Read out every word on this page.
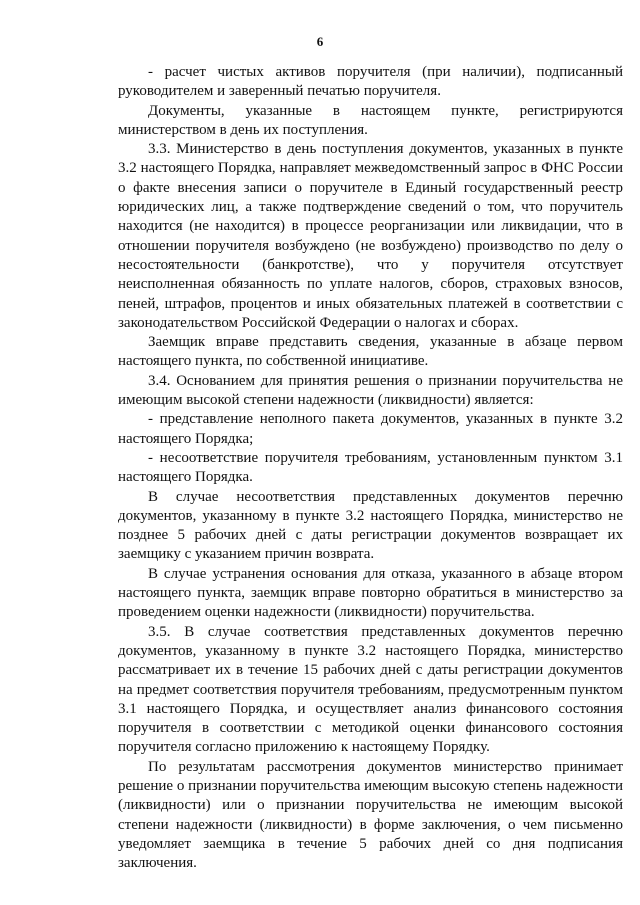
6

- расчет чистых активов поручителя (при наличии), подписанный руководителем и заверенный печатью поручителя.

Документы, указанные в настоящем пункте, регистрируются министерством в день их поступления.

3.3. Министерство в день поступления документов, указанных в пункте 3.2 настоящего Порядка, направляет межведомственный запрос в ФНС России о факте внесения записи о поручителе в Единый государственный реестр юридических лиц, а также подтверждение сведений о том, что поручитель находится (не находится) в процессе реорганизации или ликвидации, что в отношении поручителя возбуждено (не возбуждено) производство по делу о несостоятельности (банкротстве), что у поручителя отсутствует неисполненная обязанность по уплате налогов, сборов, страховых взносов, пеней, штрафов, процентов и иных обязательных платежей в соответствии с законодательством Российской Федерации о налогах и сборах.

Заемщик вправе представить сведения, указанные в абзаце первом настоящего пункта, по собственной инициативе.

3.4. Основанием для принятия решения о признании поручительства не имеющим высокой степени надежности (ликвидности) является:

- представление неполного пакета документов, указанных в пункте 3.2 настоящего Порядка;

- несоответствие поручителя требованиям, установленным пунктом 3.1 настоящего Порядка.

В случае несоответствия представленных документов перечню документов, указанному в пункте 3.2 настоящего Порядка, министерство не позднее 5 рабочих дней с даты регистрации документов возвращает их заемщику с указанием причин возврата.

В случае устранения основания для отказа, указанного в абзаце втором настоящего пункта, заемщик вправе повторно обратиться в министерство за проведением оценки надежности (ликвидности) поручительства.

3.5. В случае соответствия представленных документов перечню документов, указанному в пункте 3.2 настоящего Порядка, министерство рассматривает их в течение 15 рабочих дней с даты регистрации документов на предмет соответствия поручителя требованиям, предусмотренным пунктом 3.1 настоящего Порядка, и осуществляет анализ финансового состояния поручителя в соответствии с методикой оценки финансового состояния поручителя согласно приложению к настоящему Порядку.

По результатам рассмотрения документов министерство принимает решение о признании поручительства имеющим высокую степень надежности (ликвидности) или о признании поручительства не имеющим высокой степени надежности (ликвидности) в форме заключения, о чем письменно уведомляет заемщика в течение 5 рабочих дней со дня подписания заключения.
